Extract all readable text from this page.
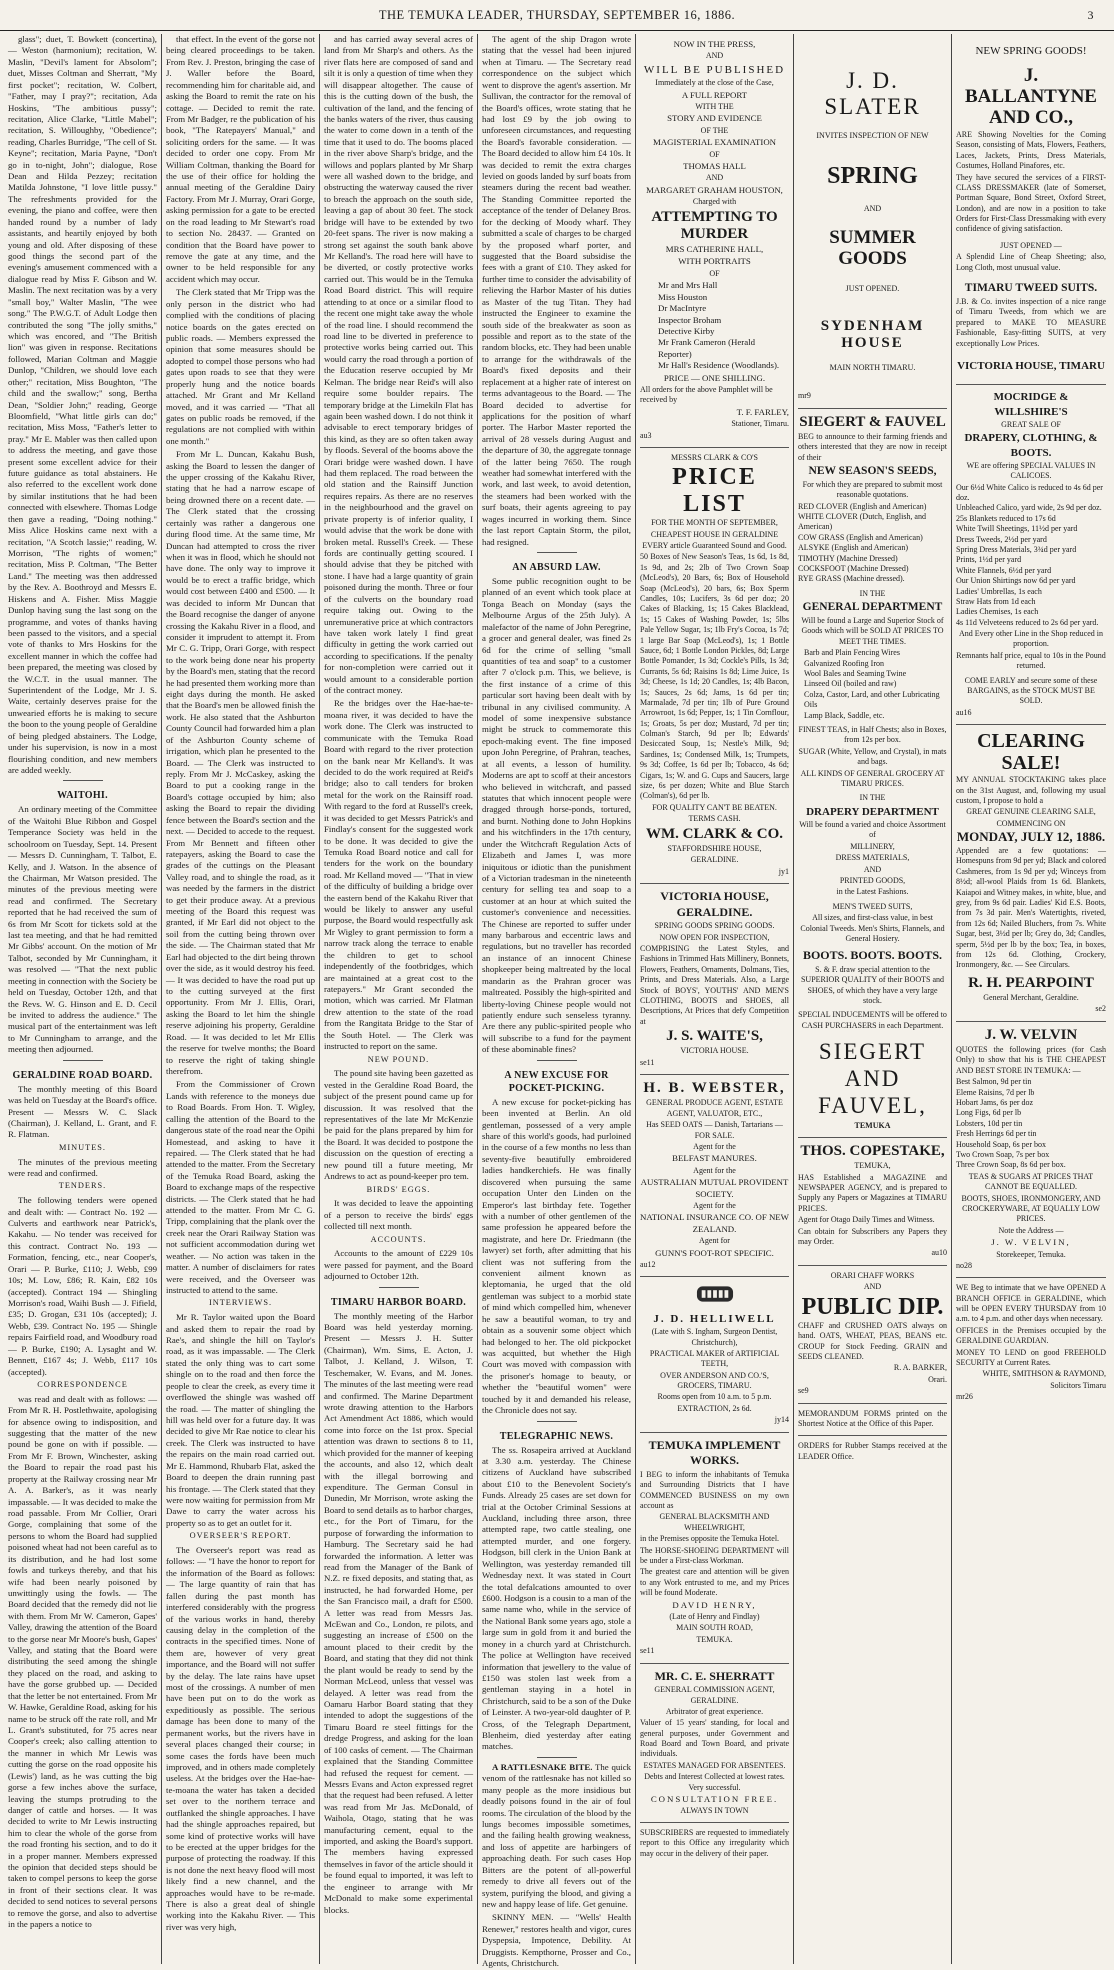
THE TEMUKA LEADER, THURSDAY, SEPTEMBER 16, 1886.	3

glass"; duet, T. Bowkett (concertina), — Weston (harmonium); recitation, W. Maslin, "Devil's lament for Absolom"; duet, Misses Coltman and Sherratt, "My first pocket"; recitation, W. Colbert, "Father, may I pray?"; recitation, Ada Hoskins, "The ambitious pussy"; recitation, Alice Clarke, "Little Mabel"; recitation, S. Willoughby, "Obedience"; reading, Charles Burridge, "The cell of St. Keyne"; recitation, Maria Payne, "Don't go in to-night, John"; dialogue, Rose Dean and Hilda Pezzey; recitation Matilda Johnstone, "I love little pussy." The refreshments provided for the evening, the piano and coffee, were then handed round by a number of lady assistants, and heartily enjoyed by both young and old. After disposing of these good things the second part of the evening's amusement commenced with a dialogue read by Miss F. Gibson and W. Maslin. The next recitation was by a very "small boy," Walter Maslin, "The wee song." The P.W.G.T. of Adult Lodge then contributed the song "The jolly smiths," which was encored, and "The British lion" was given in response. Recitations followed, Marian Coltman and Maggie Dunlop, "Children, we should love each other;" recitation, Miss Boughton, "The child and the swallow;" song, Bertha Dean, "Soldier John;" reading, George Bloomfield, "What little girls can do;" recitation, Miss Moss, "Father's letter to pray." Mr E. Mabler was then called upon to address the meeting, and gave those present some excellent advice for their future guidance as total abstainers. He also referred to the excellent work done by similar institutions that he had been connected with elsewhere. Thomas Lodge then gave a reading, "Doing nothing." Miss Alice Hoskins came next with a recitation, "A Scotch lassie;" reading, W. Morrison, "The rights of women;" recitation, Miss P. Coltman, "The Better Land." The meeting was then addressed by the Rev. A. Boothroyd and Messrs E. Hiskens and A. Fisher. Miss Maggie Dunlop having sung the last song on the programme, and votes of thanks having been passed to the visitors, and a special vote of thanks to Mrs Hoskins for the excellent manner in which the coffee had been prepared, the meeting was closed by the W.C.T. in the usual manner. The Superintendent of the Lodge, Mr J. S. Waite, certainly deserves praise for the unwearied efforts he is making to secure the boon to the young people of Geraldine of being pledged abstainers. The Lodge, under his supervision, is now in a most flourishing condition, and new members are added weekly.

WAITOHI.

An ordinary meeting of the Committee of the Waitohi Blue Ribbon and Gospel Temperance Society was held in the schoolroom on Tuesday, Sept. 14. Present — Messrs D. Cunningham, T. Talbot, E. Kelly, and J. Watson. In the absence of the Chairman, Mr Watson presided. The minutes of the previous meeting were read and confirmed. The Secretary reported that he had received the sum of 6s from Mr Scott for tickets sold at the last tea meeting, and that he had remitted Mr Gibbs' account. On the motion of Mr Talbot, seconded by Mr Cunningham, it was resolved — "That the next public meeting in connection with the Society be held on Tuesday, October 12th, and that the Revs. W. G. Hinson and E. D. Cecil be invited to address the audience." The musical part of the entertainment was left to Mr Cunningham to arrange, and the meeting then adjourned.

GERALDINE ROAD BOARD.

The monthly meeting of this Board was held on Tuesday at the Board's office. Present — Messrs W. C. Slack (Chairman), J. Kelland, L. Grant, and F. R. Flatman.

MINUTES.

The minutes of the previous meeting were read and confirmed.

TENDERS.

The following tenders were opened and dealt with: — Contract No. 192 — Culverts and earthwork near Patrick's, Kakahu. — No tender was received for this contract. Contract No. 193 — Formation, fencing, etc., near Cooper's, Orari — P. Burke, £110; J. Webb, £99 10s; M. Low, £86; R. Kain, £82 10s (accepted). Contract 194 — Shingling Morrison's road, Waihi Bush — J. Fifield, £35; D. Grogan, £31 10s (accepted); J. Webb, £39. Contract No. 195 — Shingle repairs Fairfield road, and Woodbury road — P. Burke, £190; A. Lysaght and W. Bennett, £167 4s; J. Webb, £117 10s (accepted).

CORRESPONDENCE

was read and dealt with as follows: — From Mr R. H. Postlethwaite, apologising for absence owing to indisposition, and suggesting that the matter of the new pound be gone on with if possible. — From Mr F. Brown, Winchester, asking the Board to repair the road past his property at the Railway crossing near Mr A. A. Barker's, as it was nearly impassable. — It was decided to make the road passable. From Mr Collier, Orari Gorge, complaining that some of the persons to whom the Board had supplied poisoned wheat had not been careful as to its distribution, and he had lost some fowls and turkeys thereby, and that his wife had been nearly poisoned by unwittingly using the fowls. — The Board decided that the remedy did not lie with them. From Mr W. Cameron, Gapes' Valley, drawing the attention of the Board to the gorse near Mr Moore's bush, Gapes' Valley, and stating that the Board were distributing the seed among the shingle they placed on the road, and asking to have the gorse grubbed up. — Decided that the letter be not entertained. From Mr W. Hawke, Geraldine Road, asking for his name to be struck off the rate roll, and Mr L. Grant's substituted, for 75 acres near Cooper's creek; also calling attention to the manner in which Mr Lewis was cutting the gorse on the road opposite his (Lewis') land, as he was cutting the big gorse a few inches above the surface, leaving the stumps protruding to the danger of cattle and horses. — It was decided to write to Mr Lewis instructing him to clear the whole of the gorse from the road fronting his section, and to do it in a proper manner. Members expressed the opinion that decided steps should be taken to compel persons to keep the gorse in front of their sections clear. It was decided to send notices to several persons to remove the gorse, and also to advertise in the papers a notice to

that effect. In the event of the gorse not being cleared proceedings to be taken. From Rev. J. Preston, bringing the case of J. Waller before the Board, recommending him for charitable aid, and asking the Board to remit the rate on his cottage. — Decided to remit the rate. From Mr Badger, re the publication of his book, "The Ratepayers' Manual," and soliciting orders for the same. — It was decided to order one copy. From Mr William Coltman, thanking the Board for the use of their office for holding the annual meeting of the Geraldine Dairy Factory. From Mr J. Murray, Orari Gorge, asking permission for a gate to be erected on the road leading to Mr Stewart's road to section No. 28437. — Granted on condition that the Board have power to remove the gate at any time, and the owner to be held responsible for any accident which may occur.

The Clerk stated that Mr Tripp was the only person in the district who had complied with the conditions of placing notice boards on the gates erected on public roads. — Members expressed the opinion that some measures should be adopted to compel those persons who had gates upon roads to see that they were properly hung and the notice boards attached. Mr Grant and Mr Kelland moved, and it was carried — "That all gates on public roads be removed, if the regulations are not complied with within one month."

From Mr L. Duncan, Kakahu Bush, asking the Board to lessen the danger of the upper crossing of the Kakahu River, stating that he had a narrow escape of being drowned there on a recent date. — The Clerk stated that the crossing certainly was rather a dangerous one during flood time. At the same time, Mr Duncan had attempted to cross the river when it was in flood, which he should not have done. The only way to improve it would be to erect a traffic bridge, which would cost between £400 and £500. — It was decided to inform Mr Duncan that the Board recognise the danger of anyone crossing the Kakahu River in a flood, and consider it imprudent to attempt it. From Mr C. G. Tripp, Orari Gorge, with respect to the work being done near his property by the Board's men, stating that the record he had presented them working more than eight days during the month. He asked that the Board's men be allowed finish the work. He also stated that the Ashburton County Council had forwarded him a plan of the Ashburton County scheme of irrigation, which plan he presented to the Board. — The Clerk was instructed to reply. From Mr J. McCaskey, asking the Board to put a cooking range in the Board's cottage occupied by him; also asking the Board to repair the dividing fence between the Board's section and the next. — Decided to accede to the request. From Mr Bennett and fifteen other ratepayers, asking the Board to case the grades of the cuttings on the Pleasant Valley road, and to shingle the road, as it was needed by the farmers in the district to get their produce away. At a previous meeting of the Board this request was granted, if Mr Earl did not object to the soil from the cutting being thrown over the side. — The Chairman stated that Mr Earl had objected to the dirt being thrown over the side, as it would destroy his feed. — It was decided to have the road put up to the cutting surveyed at the first opportunity. From Mr J. Ellis, Orari, asking the Board to let him the shingle reserve adjoining his property, Geraldine Road. — It was decided to let Mr Ellis the reserve for twelve months; the Board to reserve the right of taking shingle therefrom.

From the Commissioner of Crown Lands with reference to the moneys due to Road Boards. From Hon. T. Wigley, calling the attention of the Board to the dangerous state of the road near the Opihi Homestead, and asking to have it repaired. — The Clerk stated that he had attended to the matter. From the Secretary of the Temuka Road Board, asking the Board to exchange maps of the respective districts. — The Clerk stated that he had attended to the matter. From Mr C. G. Tripp, complaining that the plank over the creek near the Orari Railway Station was not sufficient accommodation during wet weather. — No action was taken in the matter. A number of disclaimers for rates were received, and the Overseer was instructed to attend to the same.

INTERVIEWS.

Mr R. Taylor waited upon the Board and asked them to repair the road by Rae's, and shingle the hill on Taylor's road, as it was impassable. — The Clerk stated the only thing was to cart some shingle on to the road and then force the people to clear the creek, as every time it overflowed the shingle was washed off the road. — The matter of shingling the hill was held over for a future day. It was decided to give Mr Rae notice to clear his creek. The Clerk was instructed to have the repairs on the main road carried out. Mr E. Hammond, Rhubarb Flat, asked the Board to deepen the drain running past his frontage. — The Clerk stated that they were now waiting for permission from Mr Dawe to carry the water across his property so as to get an outlet for it.

OVERSEER'S REPORT.

The Overseer's report was read as follows: — "I have the honor to report for the information of the Board as follows: — The large quantity of rain that has fallen during the past month has interfered considerably with the progress of the various works in hand, thereby causing delay in the completion of the contracts in the specified times. None of them are, however of very great importance, and the Board will not suffer by the delay. The late rains have upset most of the crossings. A number of men have been put on to do the work as expeditiously as possible. The serious damage has been done to many of the permanent works, but the rivers have in several places changed their course; in some cases the fords have been much improved, and in others made completely useless. At the bridges over the Hae-hae-te-moana the water has taken a decided set over to the northern terrace and outflanked the shingle approaches. I have had the shingle approaches repaired, but some kind of protective works will have to be erected at the upper bridges for the purpose of protecting the roadway. If this is not done the next heavy flood will most likely find a new channel, and the approaches would have to be re-made. There is also a great deal of shingle working into the Kakahu River. — This river was very high,

and has carried away several acres of land from Mr Sharp's and others. As the river flats here are composed of sand and silt it is only a question of time when they will disappear altogether. The cause of this is the cutting down of the bush, the cultivation of the land, and the fencing of the banks waters of the river, thus causing the water to come down in a tenth of the time that it used to do. The booms placed in the river above Sharp's bridge, and the willows and poplars planted by Mr Sharp were all washed down to the bridge, and obstructing the waterway caused the river to breach the approach on the south side, leaving a gap of about 30 feet. The stock bridge will have to be extended by two 20-feet spans. The river is now making a strong set against the south bank above Mr Kelland's. The road here will have to be diverted, or costly protective works carried out. This would be in the Temuka Road Board district. This will require attending to at once or a similar flood to the recent one might take away the whole of the road line. I should recommend the road line to be diverted in preference to protective works being carried out. This would carry the road through a portion of the Education reserve occupied by Mr Kelman. The bridge near Reid's will also require some boulder repairs. The temporary bridge at the Limekiln Flat has again been washed down. I do not think it advisable to erect temporary bridges of this kind, as they are so often taken away by floods. Several of the booms above the Orari bridge were washed down. I have had them replaced. The road between the old station and the Rainsiff Junction requires repairs. As there are no reserves in the neighbourhood and the gravel on private property is of inferior quality, I would advise that the work be done with broken metal. Russell's Creek. — These fords are continually getting scoured. I should advise that they be pitched with stone. I have had a large quantity of grain poisoned during the month. Three or four of the culverts on the boundary road require taking out. Owing to the unremunerative price at which contractors have taken work lately I find great difficulty in getting the work carried out according to specifications. If the penalty for non-completion were carried out it would amount to a considerable portion of the contract money.

Re the bridges over the Hae-hae-te-moana river, it was decided to have the work done. The Clerk was instructed to communicate with the Temuka Road Board with regard to the river protection on the bank near Mr Kelland's. It was decided to do the work required at Reid's bridge; also to call tenders for broken metal for the work on the Rainsiff road. With regard to the ford at Russell's creek, it was decided to get Messrs Patrick's and Findlay's consent for the suggested work to be done. It was decided to give the Temuka Road Board notice and call for tenders for the work on the boundary road. Mr Kelland moved — "That in view of the difficulty of building a bridge over the eastern bend of the Kakahu River that would be likely to answer any useful purpose, the Board would respectfully ask Mr Wigley to grant permission to form a narrow track along the terrace to enable the children to get to school independently of the footbridges, which are maintained at a great cost to the ratepayers." Mr Grant seconded the motion, which was carried. Mr Flatman drew attention to the state of the road from the Rangitata Bridge to the Star of the South Hotel. — The Clerk was instructed to report on the same.

NEW POUND.

The pound site having been gazetted as vested in the Geraldine Road Board, the subject of the present pound came up for discussion. It was resolved that the representatives of the late Mr McKenzie be paid for the plans prepared by him for the Board. It was decided to postpone the discussion on the question of erecting a new pound till a future meeting, Mr Andrews to act as pound-keeper pro tem.

BIRDS' EGGS.

It was decided to leave the appointing of a person to receive the birds' eggs collected till next month.

ACCOUNTS.

Accounts to the amount of £229 10s were passed for payment, and the Board adjourned to October 12th.

TIMARU HARBOR BOARD.

The monthly meeting of the Harbor Board was held yesterday morning. Present — Messrs J. H. Sutter (Chairman), Wm. Sims, E. Acton, J. Talbot, J. Kelland, J. Wilson, T. Teschemaker, W. Evans, and M. Jones. The minutes of the last meeting were read and confirmed. The Marine Department wrote drawing attention to the Harbors Act Amendment Act 1886, which would come into force on the 1st prox. Special attention was drawn to sections 8 to 11, which provided for the manner of keeping the accounts, and also 12, which dealt with the illegal borrowing and expenditure. The German Consul in Dunedin, Mr Morrison, wrote asking the Board to send details as to harbor charges, etc., for the Port of Timaru, for the purpose of forwarding the information to Hamburg. The Secretary said he had forwarded the information. A letter was read from the Manager of the Bank of N.Z. re fixed deposits, and stating that, as instructed, he had forwarded Home, per the San Francisco mail, a draft for £500. A letter was read from Messrs Jas. McEwan and Co., London, re pilots, and suggesting an increase of £500 on the amount placed to their credit by the Board, and stating that they did not think the plant would be ready to send by the Norman McLeod, unless that vessel was delayed. A letter was read from the Oamaru Harbor Board stating that they intended to adopt the suggestions of the Timaru Board re steel fittings for the dredge Progress, and asking for the loan of 100 casks of cement. — The Chairman explained that the Standing Committee had refused the request for cement. — Messrs Evans and Acton expressed regret that the request had been refused. A letter was read from Mr Jas. McDonald, of Waihola, Otago, stating that he was manufacturing cement, equal to the imported, and asking the Board's support. The members having expressed themselves in favor of the article should it be found equal to imported, it was left to the engineer to arrange with Mr McDonald to make some experimental blocks.

The agent of the ship Dragon wrote stating that the vessel had been injured when at Timaru. — The Secretary read correspondence on the subject which went to disprove the agent's assertion. Mr Sullivan, the contractor for the removal of the Board's offices, wrote stating that he had lost £9 by the job owing to unforeseen circumstances, and requesting the Board's favorable consideration. — The Board decided to allow him £4 10s. It was decided to remit the extra charges levied on goods landed by surf boats from steamers during the recent bad weather. The Standing Committee reported the acceptance of the tender of Delaney Bros. for the decking of Moody wharf. They submitted a scale of charges to be charged by the proposed wharf porter, and suggested that the Board subsidise the fees with a grant of £10. They asked for further time to consider the advisability of relieving the Harbor Master of his duties as Master of the tug Titan. They had instructed the Engineer to examine the south side of the breakwater as soon as possible and report as to the state of the random blocks, etc. They had been unable to arrange for the withdrawals of the Board's fixed deposits and their replacement at a higher rate of interest on terms advantageous to the Board. — The Board decided to advertise for applications for the position of wharf porter. The Harbor Master reported the arrival of 28 vessels during August and the departure of 30, the aggregate tonnage of the latter being 7650. The rough weather had somewhat interfered with the work, and last week, to avoid detention, the steamers had been worked with the surf boats, their agents agreeing to pay wages incurred in working them. Since the last report Captain Storm, the pilot, had resigned.

AN ABSURD LAW.

Some public recognition ought to be planned of an event which took place at Tonga Beach on Monday (says the Melbourne Argus of the 25th July). A malefactor of the name of John Peregrine, a grocer and general dealer, was fined 2s 6d for the crime of selling "small quantities of tea and soap" to a customer after 7 o'clock p.m. This, we believe, is the first instance of a crime of this particular sort having been dealt with by tribunal in any civilised community. A model of some inexpensive substance might be struck to commemorate this epoch-making event. The fine imposed upon John Peregrine, of Prahran, teaches, at all events, a lesson of humility. Moderns are apt to scoff at their ancestors who believed in witchcraft, and passed statutes that which innocent people were dragged through horse-ponds, tortured, and burnt. Nothing done to John Hopkins and his witchfinders in the 17th century, under the Witchcraft Regulation Acts of Elizabeth and James I, was more iniquitous or idiotic than the punishment of a Victorian tradesman in the nineteenth century for selling tea and soap to a customer at an hour at which suited the customer's convenience and necessities. The Chinese are reported to suffer under many barbarous and eccentric laws and regulations, but no traveller has recorded an instance of an innocent Chinese shopkeeper being maltreated by the local mandarin as the Prahran grocer was maltreated. Possibly the high-spirited and liberty-loving Chinese people would not patiently endure such senseless tyranny. Are there any public-spirited people who will subscribe to a fund for the payment of these abominable fines?

A NEW EXCUSE FOR POCKET-PICKING.

A new excuse for pocket-picking has been invented at Berlin. An old gentleman, possessed of a very ample share of this world's goods, had purloined in the course of a few months no less than seventy-five beautifully embroidered ladies handkerchiefs. He was finally discovered when pursuing the same occupation Unter den Linden on the Emperor's last birthday fete. Together with a number of other gentlemen of the same profession he appeared before the magistrate, and here Dr. Friedmann (the lawyer) set forth, after admitting that his client was not suffering from the convenient ailment known as kleptomania, he urged that the old gentleman was subject to a morbid state of mind which compelled him, whenever he saw a beautiful woman, to try and obtain as a souvenir some object which had belonged to her. The old pickpocket was acquitted, but whether the High Court was moved with compassion with the prisoner's homage to beauty, or whether the "beautiful women" were touched by it and demanded his release, the Chronicle does not say.

TELEGRAPHIC NEWS.

The ss. Rosapeira arrived at Auckland at 3.30 a.m. yesterday. The Chinese citizens of Auckland have subscribed about £10 to the Benevolent Society's Funds. Already 25 cases are set down for trial at the October Criminal Sessions at Auckland, including three arson, three attempted rape, two cattle stealing, one attempted murder, and one forgery. Hodgson, bill clerk in the Union Bank at Wellington, was yesterday remanded till Wednesday next. It was stated in Court the total defalcations amounted to over £600. Hodgson is a cousin to a man of the same name who, while in the service of the National Bank some years ago, stole a large sum in gold from it and buried the money in a church yard at Christchurch. The police at Wellington have received information that jewellery to the value of £150 was stolen last week from a gentleman staying in a hotel in Christchurch, said to be a son of the Duke of Leinster. A two-year-old daughter of P. Cross, of the Telegraph Department, Blenheim, died yesterday after eating matches.

A RATTLESNAKE BITE. The quick venom of the rattlesnake has not killed so many people as the more insidious but deadly poisons found in the air of foul rooms. The circulation of the blood by the lungs becomes impossible sometimes, and the failing health growing weakness, and loss of appetite are harbingers of approaching death. For such cases Hop Bitters are the potent of all-powerful remedy to drive all fevers out of the system, purifying the blood, and giving a new and happy lease of life. Get genuine.

SKINNY MEN. — "Wells' Health Renewer," restores health and vigor, cures Dyspepsia, Impotence, Debility. At Druggists. Kempthorne, Prosser and Co., Agents, Christchurch.

NOW IN THE PRESS,

AND

WILL BE PUBLISHED

Immediately at the close of the Case,

A FULL REPORT

WITH THE

STORY AND EVIDENCE

OF THE

MAGISTERIAL EXAMINATION

OF

THOMAS HALL

AND

MARGARET GRAHAM HOUSTON,

Charged with

ATTEMPTING TO MURDER

MRS CATHERINE HALL,

WITH PORTRAITS

OF

Mr and Mrs Hall

Miss Houston

Dr MacIntyre

Inspector Broham

Detective Kirby

Mr Frank Cameron (Herald Reporter)

Mr Hall's Residence (Woodlands).

PRICE — ONE SHILLING.

All orders for the above Pamphlet will be received by

T. F. FARLEY,

Stationer, Timaru.

au3

MESSRS CLARK & CO'S

PRICE LIST

FOR THE MONTH OF SEPTEMBER,

CHEAPEST HOUSE IN GERALDINE

EVERY article Guaranteed Sound and Good.

50 Boxes of New Season's Teas, 1s 6d, 1s 8d, 1s 9d, and 2s; 2lb of Two Crown Soap (McLeod's), 20 Bars, 6s; Box of Household Soap (McLeod's), 20 bars, 6s; Box Sperm Candles, 10s; Lucifers, 3s 6d per doz; 20 Cakes of Blacking, 1s; 15 Cakes Blacklead, 1s; 15 Cakes of Washing Powder, 1s; 5lbs Pale Yellow Sugar, 1s; 1lb Fry's Cocoa, 1s 7d; 1 large Bar Soap (McLeod's), 1s; 1 Bottle Sauce, 6d; 1 Bottle London Pickles, 8d; Large Bottle Pomander, 1s 3d; Cockle's Pills, 1s 3d; Currants, 5s 6d; Raisins 1s 8d; Lime Juice, 1s 3d; Cheese, 1s 1d; 20 Candles, 1s; 4lb Bacon, 1s; Sauces, 2s 6d; Jams, 1s 6d per tin; Marmalade, 7d per tin; 1lb of Pure Ground Arrowroot, 1s 6d; Pepper, 1s; 1 Tin Cornflour, 1s; Groats, 5s per doz; Mustard, 7d per tin; Colman's Starch, 9d per lb; Edwards' Desiccated Soup, 1s; Nestle's Milk, 9d; Sardines, 1s; Condensed Milk, 1s; Trumpets, 9s 3d; Coffee, 1s 6d per lb; Tobacco, 4s 6d; Cigars, 1s; W. and G. Cups and Saucers, large size, 6s per dozen; White and Blue Starch (Colman's), 6d per lb.

FOR QUALITY CAN'T BE BEATEN.

TERMS CASH.

WM. CLARK & CO.

STAFFORDSHIRE HOUSE,

GERALDINE.

jy1

VICTORIA HOUSE, GERALDINE.

SPRING GOODS SPRING GOODS.

NOW OPEN FOR INSPECTION,

COMPRISING the Latest Styles, and Fashions in Trimmed Hats Millinery, Bonnets, Flowers, Feathers, Ornaments, Dolmans, Ties, Prints, and Dress Materials. Also, a Large Stock of BOYS', YOUTHS' AND MEN'S CLOTHING, BOOTS and SHOES, all Descriptions, At Prices that defy Competition at

J. S. WAITE'S,

VICTORIA HOUSE.

se11

H. B. WEBSTER,

GENERAL PRODUCE AGENT, ESTATE AGENT, VALUATOR, ETC.,

Has SEED OATS — Danish, Tartarians — FOR SALE.

Agent for the

BELFAST MANURES.

Agent for the

AUSTRALIAN MUTUAL PROVIDENT SOCIETY.

Agent for the

NATIONAL INSURANCE CO. OF NEW ZEALAND.

Agent for

GUNN'S FOOT-ROT SPECIFIC.

au12

J. D. HELLIWELL

(Late with S. Ingham, Surgeon Dentist, Christchurch),

PRACTICAL MAKER of ARTIFICIAL TEETH,

OVER ANDERSON AND CO.'S, GROCERS, TIMARU.

Rooms open from 10 a.m. to 5 p.m.

EXTRACTION, 2s 6d.

jy14

TEMUKA IMPLEMENT WORKS.

I BEG to inform the inhabitants of Temuka and Surrounding Districts that I have COMMENCED BUSINESS on my own account as

GENERAL BLACKSMITH AND WHEELWRIGHT,

in the Premises opposite the Temuka Hotel.

The HORSE-SHOEING DEPARTMENT will be under a First-class Workman.

The greatest care and attention will be given to any Work entrusted to me, and my Prices will be found Moderate.

DAVID HENRY,

(Late of Henry and Findlay)

MAIN SOUTH ROAD,

TEMUKA.

se11

MR. C. E. SHERRATT

GENERAL COMMISSION AGENT, GERALDINE.

Arbitrator of great experience.

Valuer of 15 years' standing, for local and general purposes, under Government and Road Board and Town Board, and private individuals.

ESTATES MANAGED FOR ABSENTEES.

Debts and Interest Collected at lowest rates. Very successful.

CONSULTATION FREE.

ALWAYS IN TOWN

SUBSCRIBERS are requested to immediately report to this Office any irregularity which may occur in the delivery of their paper.

J. D. SLATER

INVITES INSPECTION OF NEW

SPRING

AND

SUMMER GOODS

JUST OPENED.

SYDENHAM HOUSE

MAIN NORTH TIMARU.

mr9

SIEGERT & FAUVEL

BEG to announce to their farming friends and others interested that they are now in receipt of their

NEW SEASON'S SEEDS,

For which they are prepared to submit most reasonable quotations.

RED CLOVER (English and American)

WHITE CLOVER (Dutch, English, and American)

COW GRASS (English and American)

ALSYKE (English and American)

TIMOTHY (Machine Dressed)

COCKSFOOT (Machine Dressed)

RYE GRASS (Machine dressed).

IN THE

GENERAL DEPARTMENT

Will be found a Large and Superior Stock of Goods which will be SOLD AT PRICES TO MEET THE TIMES.

Barb and Plain Fencing Wires

Galvanized Roofing Iron

Wool Bales and Seaming Twine

Linseed Oil (boiled and raw)

Colza, Castor, Lard, and other Lubricating Oils

Lamp Black, Saddle, etc.

FINEST TEAS, in Half Chests; also in Boxes, from 12s per box.

SUGAR (White, Yellow, and Crystal), in mats and bags.

ALL KINDS OF GENERAL GROCERY AT TIMARU PRICES.

IN THE

DRAPERY DEPARTMENT

Will be found a varied and choice Assortment of

MILLINERY,

DRESS MATERIALS,

AND

PRINTED GOODS,

in the Latest Fashions.

MEN'S TWEED SUITS,

All sizes, and first-class value, in best Colonial Tweeds. Men's Shirts, Flannels, and General Hosiery.

BOOTS. BOOTS. BOOTS.

S. & F. draw special attention to the SUPERIOR QUALITY of their BOOTS and SHOES, of which they have a very large stock.

SPECIAL INDUCEMENTS will be offered to CASH PURCHASERS in each Department.

SIEGERT AND

FAUVEL,

TEMUKA

THOS. COPESTAKE,

TEMUKA,

HAS Established a MAGAZINE and NEWSPAPER AGENCY, and is prepared to Supply any Papers or Magazines at TIMARU PRICES.

Agent for Otago Daily Times and Witness.

Can obtain for Subscribers any Papers they may Order.

au10

ORARI CHAFF WORKS

AND

PUBLIC DIP.

CHAFF and CRUSHED OATS always on hand. OATS, WHEAT, PEAS, BEANS etc. CROUP for Stock Feeding. GRAIN and SEEDS CLEANED.

R. A. BARKER,

Orari.

se9

MEMORANDUM FORMS printed on the Shortest Notice at the Office of this Paper.

ORDERS for Rubber Stamps received at the LEADER Office.

NEW SPRING GOODS!

J. BALLANTYNE AND CO.,

ARE Showing Novelties for the Coming Season, consisting of Mats, Flowers, Feathers, Laces, Jackets, Prints, Dress Materials, Costumes, Holland Pinafores, etc.

They have secured the services of a FIRST-CLASS DRESSMAKER (late of Somerset, Portman Square, Bond Street, Oxford Street, London), and are now in a position to take Orders for First-Class Dressmaking with every confidence of giving satisfaction.

JUST OPENED —

A Splendid Line of Cheap Sheeting; also, Long Cloth, most unusual value.

TIMARU TWEED SUITS.

J.B. & Co. invites inspection of a nice range of Timaru Tweeds, from which we are prepared to MAKE TO MEASURE Fashionable, Easy-fitting SUITS, at very exceptionally Low Prices.

VICTORIA HOUSE, TIMARU

MOCRIDGE & WILLSHIRE'S

GREAT SALE OF

DRAPERY, CLOTHING, & BOOTS.

WE are offering SPECIAL VALUES IN CALICOES.

Our 6½d White Calico is reduced to 4s 6d per doz.

Unbleached Calico, yard wide, 2s 9d per doz.

25s Blankets reduced to 17s 6d

White Twill Sheetings, 11½d per yard

Dress Tweeds, 2½d per yard

Spring Dress Materials, 3¾d per yard

Prints, 1½d per yard

White Flannels, 6½d per yard

Our Union Shirtings now 6d per yard

Ladies' Umbrellas, 1s each

Straw Hats from 1d each

Ladies Chemises, 1s each

4s 11d Velveteens reduced to 2s 6d per yard.

And Every other Line in the Shop reduced in proportion.

Remnants half price, equal to 10s in the Pound returned.

COME EARLY and secure some of these BARGAINS, as the STOCK MUST BE SOLD.

au16

CLEARING SALE!

MY ANNUAL STOCKTAKING takes place on the 31st August, and, following my usual custom, I propose to hold a

GREAT GENUINE CLEARING SALE,

COMMENCING ON

MONDAY, JULY 12, 1886.

Appended are a few quotations: — Homespuns from 9d per yd; Black and colored Cashmeres, from 1s 9d per yd; Winceys from 8½d; all-wool Plaids from 1s 6d. Blankets, Kaiapoi and Witney makes, in white, blue, and grey, from 9s 6d pair. Ladies' Kid E.S. Boots, from 7s 3d pair. Men's Watertights, riveted, from 12s 6d; Nailed Bluchers, from 7s. White Sugar, best, 3½d per lb; Grey do, 3d; Candles, sperm, 5½d per lb by the box; Tea, in boxes, from 12s 6d. Clothing, Crockery, Ironmongery, &c. — See Circulars.

R. H. PEARPOINT

General Merchant, Geraldine.

se2

J. W. VELVIN

QUOTES the following prices (for Cash Only) to show that his is THE CHEAPEST AND BEST STORE IN TEMUKA: —

Best Salmon, 9d per tin

Eleme Raisins, 7d per lb

Hobart Jams, 6s per doz

Long Figs, 6d per lb

Lobsters, 10d per tin

Fresh Herrings 6d per tin

Household Soap, 6s per box

Two Crown Soap, 7s per box

Three Crown Soap, 8s 6d per box.

TEAS & SUGARS AT PRICES THAT CANNOT BE EQUALLED.

BOOTS, SHOES, IRONMONGERY, AND CROCKERYWARE, AT EQUALLY LOW PRICES.

Note the Address —

J. W. VELVIN,

Storekeeper, Temuka.

no28

WE Beg to intimate that we have OPENED A BRANCH OFFICE in GERALDINE, which will be OPEN EVERY THURSDAY from 10 a.m. to 4 p.m. and other days when necessary.

OFFICES in the Premises occupied by the GERALDINE GUARDIAN.

MONEY TO LEND on good FREEHOLD SECURITY at Current Rates.

WHITE, SMITHSON & RAYMOND,

Solicitors Timaru

mr26
